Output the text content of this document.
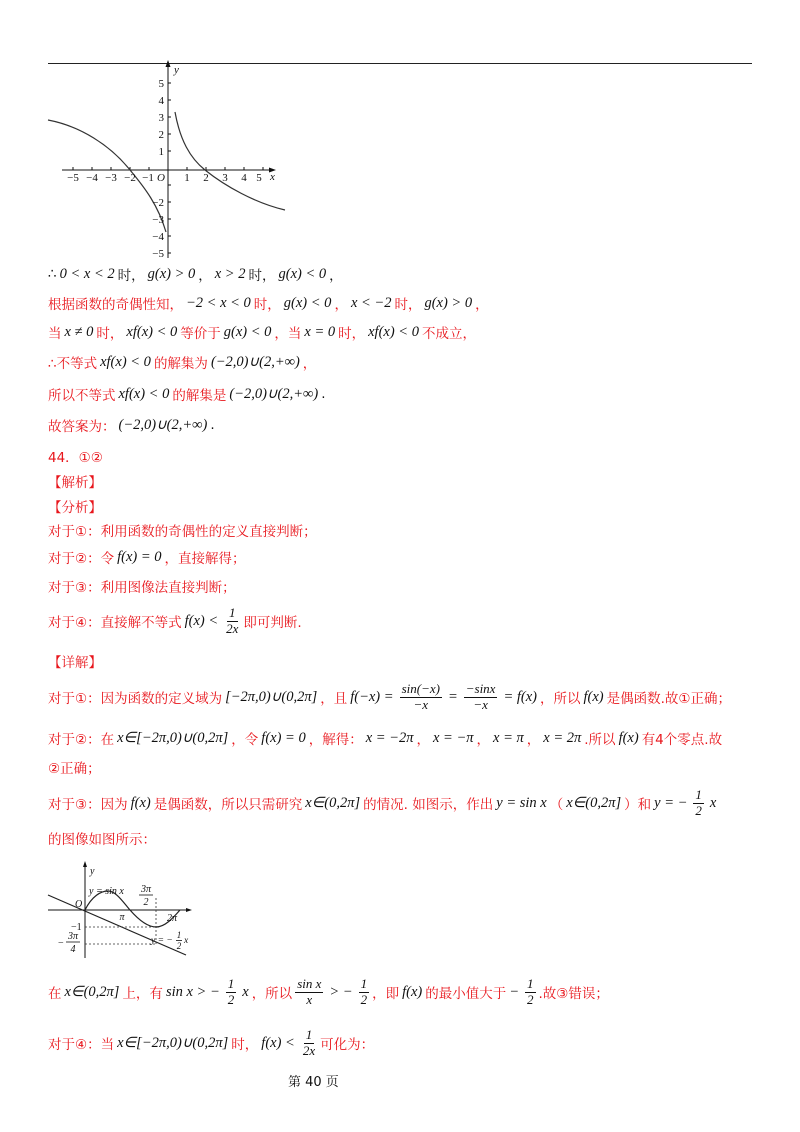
y
x
O
−5 −4 −3 −2 −1	1 2 3 4 5
1
2
3
4
5
−2
−3
−4
−5
∴ 0 < x < 2 时， g(x) > 0 ， x > 2 时， g(x) < 0 ，
根据函数的奇偶性知， −2 < x < 0 时， g(x) < 0 ， x < −2 时， g(x) > 0 ，
当 x ≠ 0 时， xf(x) < 0 等价于 g(x) < 0 ，当 x = 0 时， xf(x) < 0 不成立，
∴不等式 xf(x) < 0 的解集为 (−2,0)∪(2,+∞) ，
所以不等式 xf(x) < 0 的解集是 (−2,0)∪(2,+∞) .
故答案为： (−2,0)∪(2,+∞) .
44．①②
【解析】
【分析】
对于①：利用函数的奇偶性的定义直接判断；
对于②：令 f(x) = 0 ，直接解得；
对于③：利用图像法直接判断；
对于④：直接解不等式 $f(x) < \frac{1}{2x}$ 即可判断.
【详解】
对于①：因为函数的定义域为 [−2π,0)∪(0,2π] ，且 $f(-x) = \frac{\sin(-x)}{-x} = \frac{-\sin x}{-x} = f(x)$ ，所以 f(x) 是偶函数.故①正确；
对于②：在 x∈[−2π,0)∪(0,2π] ，令 f(x) = 0 ，解得： x = −2π ， x = −π ， x = π ， x = 2π .所以 f(x) 有4个零点.故
②正确；
对于③：因为 f(x) 是偶函数，所以只需研究 x∈(0,2π] 的情况. 如图示，作出 y = sin x （ x∈(0,2π] ）和 y = − $\frac{1}{2}$ x
的图像如图所示：
y
O
y = sin x 3π
2
π	2π
−1
−
3π
4
y = −
1
2 x
在 x∈(0,2π] 上，有 sin x > − $\frac{1}{2}$ x ，所以 $\frac{\text{sin x}}{x}$ > − $\frac{1}{2}$ ，即 f(x) 的最小值大于 − $\frac{1}{2}$ .故③错误；
对于④：当 x∈[−2π,0)∪(0,2π] 时， $f(x) < \frac{1}{2x}$ 可化为：
第 40 页
